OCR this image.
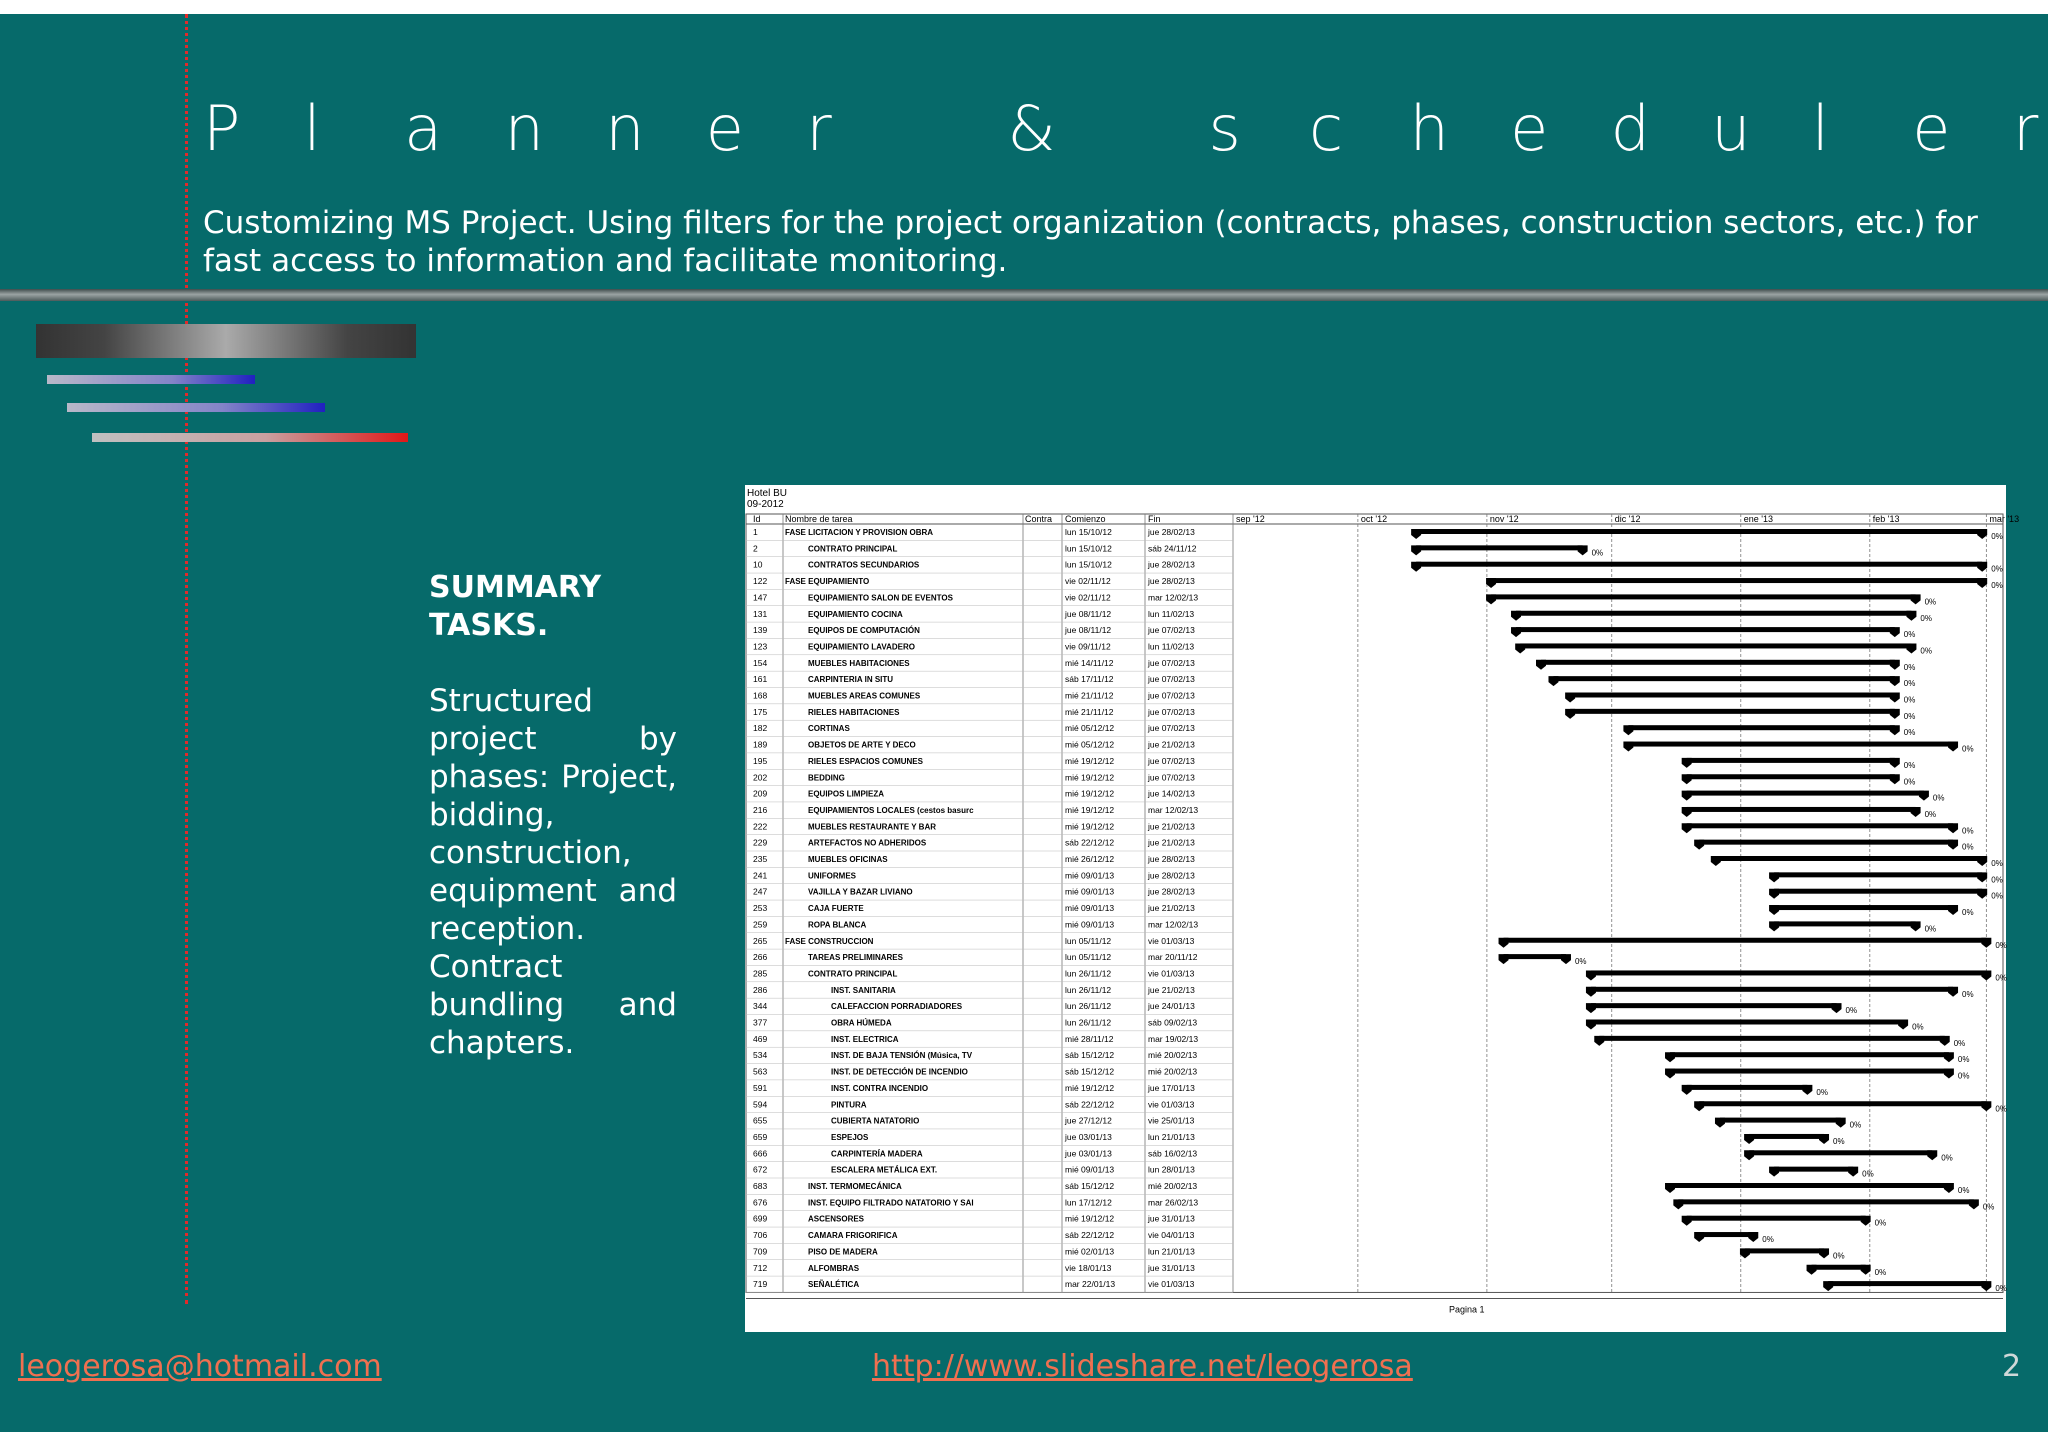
P l a n n e r	& s c h e d u l e r
Customizing MS Project. Using filters for the project organization (contracts, phases, construction sectors, etc.) for fast access to information and facilitate monitoring.
SUMMARY TASKS.

Structured project by phases: Project, bidding, construction, equipment and reception. Contract bundling and chapters.

Hotel BU
09-2012
Id	Nombre de tarea	Contra Comienzo	Fin	sep '12	oct '12	nov '12	dic '12	ene '13	feb '13	mar '13
1	FASE LICITACION Y PROVISION OBRA	lun 15/10/12	jue 28/02/13	0%
2	CONTRATO PRINCIPAL	lun 15/10/12	sáb 24/11/12	0%
10	CONTRATOS SECUNDARIOS	lun 15/10/12	jue 28/02/13	0%
122 FASE EQUIPAMIENTO	vie 02/11/12	jue 28/02/13	0%
147	EQUIPAMIENTO SALON DE EVENTOS	vie 02/11/12	mar 12/02/13	0%
131	EQUIPAMIENTO COCINA	jue 08/11/12	lun 11/02/13	0%
139	EQUIPOS DE COMPUTACIÓN	jue 08/11/12	jue 07/02/13	0%
123	EQUIPAMIENTO LAVADERO	vie 09/11/12	lun 11/02/13	0%
154	MUEBLES HABITACIONES	mié 14/11/12	jue 07/02/13	0%
161	CARPINTERIA IN SITU	sáb 17/11/12	jue 07/02/13	0%
168	MUEBLES AREAS COMUNES	mié 21/11/12	jue 07/02/13	0%
175	RIELES HABITACIONES	mié 21/11/12	jue 07/02/13	0%
182	CORTINAS	mié 05/12/12	jue 07/02/13	0%
189	OBJETOS DE ARTE Y DECO	mié 05/12/12	jue 21/02/13	0%
195	RIELES ESPACIOS COMUNES	mié 19/12/12	jue 07/02/13	0%
202	BEDDING	mié 19/12/12	jue 07/02/13	0%
209	EQUIPOS LIMPIEZA	mié 19/12/12	jue 14/02/13	0%
216	EQUIPAMIENTOS LOCALES (cestos basurc	mié 19/12/12	mar 12/02/13	0%
222	MUEBLES RESTAURANTE Y BAR	mié 19/12/12	jue 21/02/13	0%
229	ARTEFACTOS NO ADHERIDOS	sáb 22/12/12	jue 21/02/13	0%
235	MUEBLES OFICINAS	mié 26/12/12	jue 28/02/13	0%
241	UNIFORMES	mié 09/01/13	jue 28/02/13	0%
247	VAJILLA Y BAZAR LIVIANO	mié 09/01/13	jue 28/02/13	0%
253	CAJA FUERTE	mié 09/01/13	jue 21/02/13	0%
259	ROPA BLANCA	mié 09/01/13	mar 12/02/13	0%
265 FASE CONSTRUCCION	lun 05/11/12	vie 01/03/13	0%
266	TAREAS PRELIMINARES	lun 05/11/12	mar 20/11/12	0%
285	CONTRATO PRINCIPAL	lun 26/11/12	vie 01/03/13	0%
286	INST. SANITARIA	lun 26/11/12	jue 21/02/13	0%
344	CALEFACCION PORRADIADORES	lun 26/11/12	jue 24/01/13	0%
377	OBRA HÚMEDA	lun 26/11/12	sáb 09/02/13	0%
469	INST. ELECTRICA	mié 28/11/12	mar 19/02/13	0%
534	INST. DE BAJA TENSIÓN (Música, TV	sáb 15/12/12	mié 20/02/13	0%
563	INST. DE DETECCIÓN DE INCENDIO	sáb 15/12/12	mié 20/02/13	0%
591	INST. CONTRA INCENDIO	mié 19/12/12	jue 17/01/13	0%
594	PINTURA	sáb 22/12/12	vie 01/03/13	0%
655	CUBIERTA NATATORIO	jue 27/12/12	vie 25/01/13	0%
659	ESPEJOS	jue 03/01/13	lun 21/01/13	0%
666	CARPINTERÍA MADERA	jue 03/01/13	sáb 16/02/13	0%
672	ESCALERA METÁLICA EXT.	mié 09/01/13	lun 28/01/13	0%
683	INST. TERMOMECÁNICA	sáb 15/12/12	mié 20/02/13	0%
676	INST. EQUIPO FILTRADO NATATORIO Y SAI	lun 17/12/12	mar 26/02/13	0%
699	ASCENSORES	mié 19/12/12	jue 31/01/13	0%
706	CAMARA FRIGORIFICA	sáb 22/12/12	vie 04/01/13	0%
709	PISO DE MADERA	mié 02/01/13	lun 21/01/13	0%
712	ALFOMBRAS	vie 18/01/13	jue 31/01/13	0%
719	SEÑALÉTICA	mar 22/01/13	vie 01/03/13	0%
Pagina 1
leogerosa@hotmail.com	http://www.slideshare.net/leogerosa	2
